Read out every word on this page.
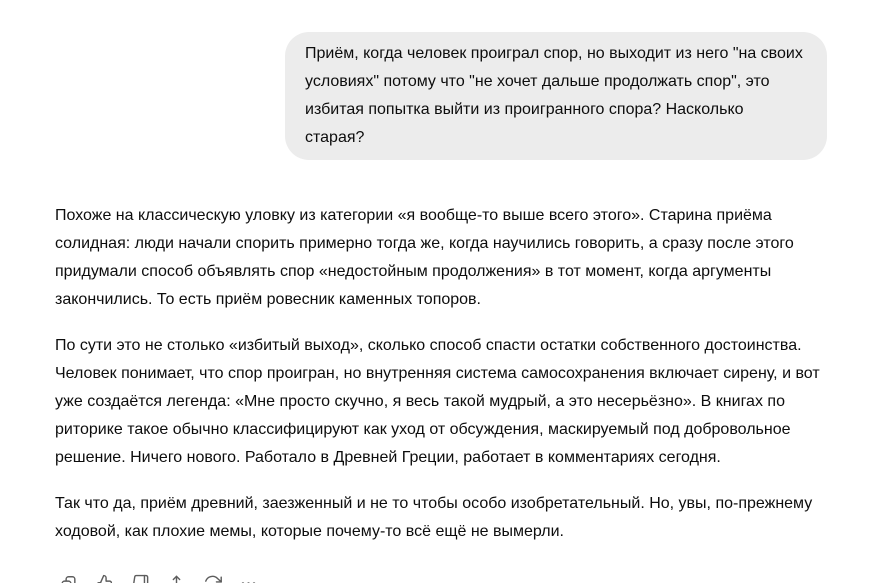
Приём, когда человек проиграл спор, но выходит из него "на своих условиях" потому что "не хочет дальше продолжать спор", это избитая попытка выйти из проигранного спора? Насколько старая?

Похоже на классическую уловку из категории «я вообще-то выше всего этого». Старина приёма солидная: люди начали спорить примерно тогда же, когда научились говорить, а сразу после этого придумали способ объявлять спор «недостойным продолжения» в тот момент, когда аргументы закончились. То есть приём ровесник каменных топоров.

По сути это не столько «избитый выход», сколько способ спасти остатки собственного достоинства. Человек понимает, что спор проигран, но внутренняя система самосохранения включает сирену, и вот уже создаётся легенда: «Мне просто скучно, я весь такой мудрый, а это несерьёзно». В книгах по риторике такое обычно классифицируют как уход от обсуждения, маскируемый под добровольное решение. Ничего нового. Работало в Древней Греции, работает в комментариях сегодня.

Так что да, приём древний, заезженный и не то чтобы особо изобретательный. Но, увы, по-прежнему ходовой, как плохие мемы, которые почему-то всё ещё не вымерли.
